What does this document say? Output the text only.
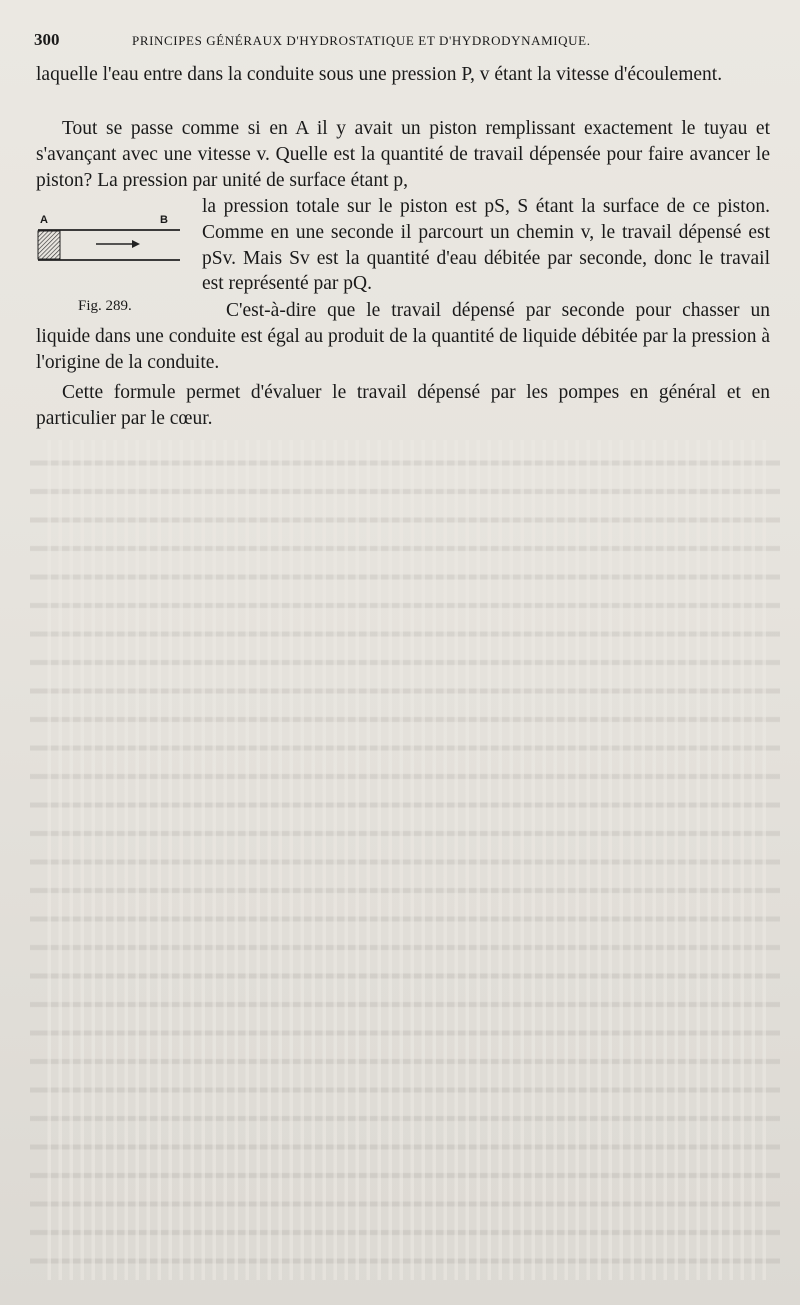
300	PRINCIPES GÉNÉRAUX D'HYDROSTATIQUE ET D'HYDRODYNAMIQUE.

laquelle l'eau entre dans la conduite sous une pression P, v étant la vitesse d'écoulement.

Tout se passe comme si en A il y avait un piston remplissant exactement le tuyau et s'avançant avec une vitesse v. Quelle est la quantité de travail dépensée pour faire avancer le piston? La pression par unité de surface étant p,

A	B
Fig. 289.

la pression totale sur le piston est pS, S étant la surface de ce piston. Comme en une seconde il parcourt un chemin v, le travail dépensé est pSv. Mais Sv est la quantité d'eau débitée par seconde, donc le travail est représenté par pQ.

C'est-à-dire que le travail dépensé par seconde pour chasser un liquide dans une conduite est égal au produit de la quantité de liquide débitée par la pression à l'origine de la conduite.

Cette formule permet d'évaluer le travail dépensé par les pompes en général et en particulier par le cœur.
